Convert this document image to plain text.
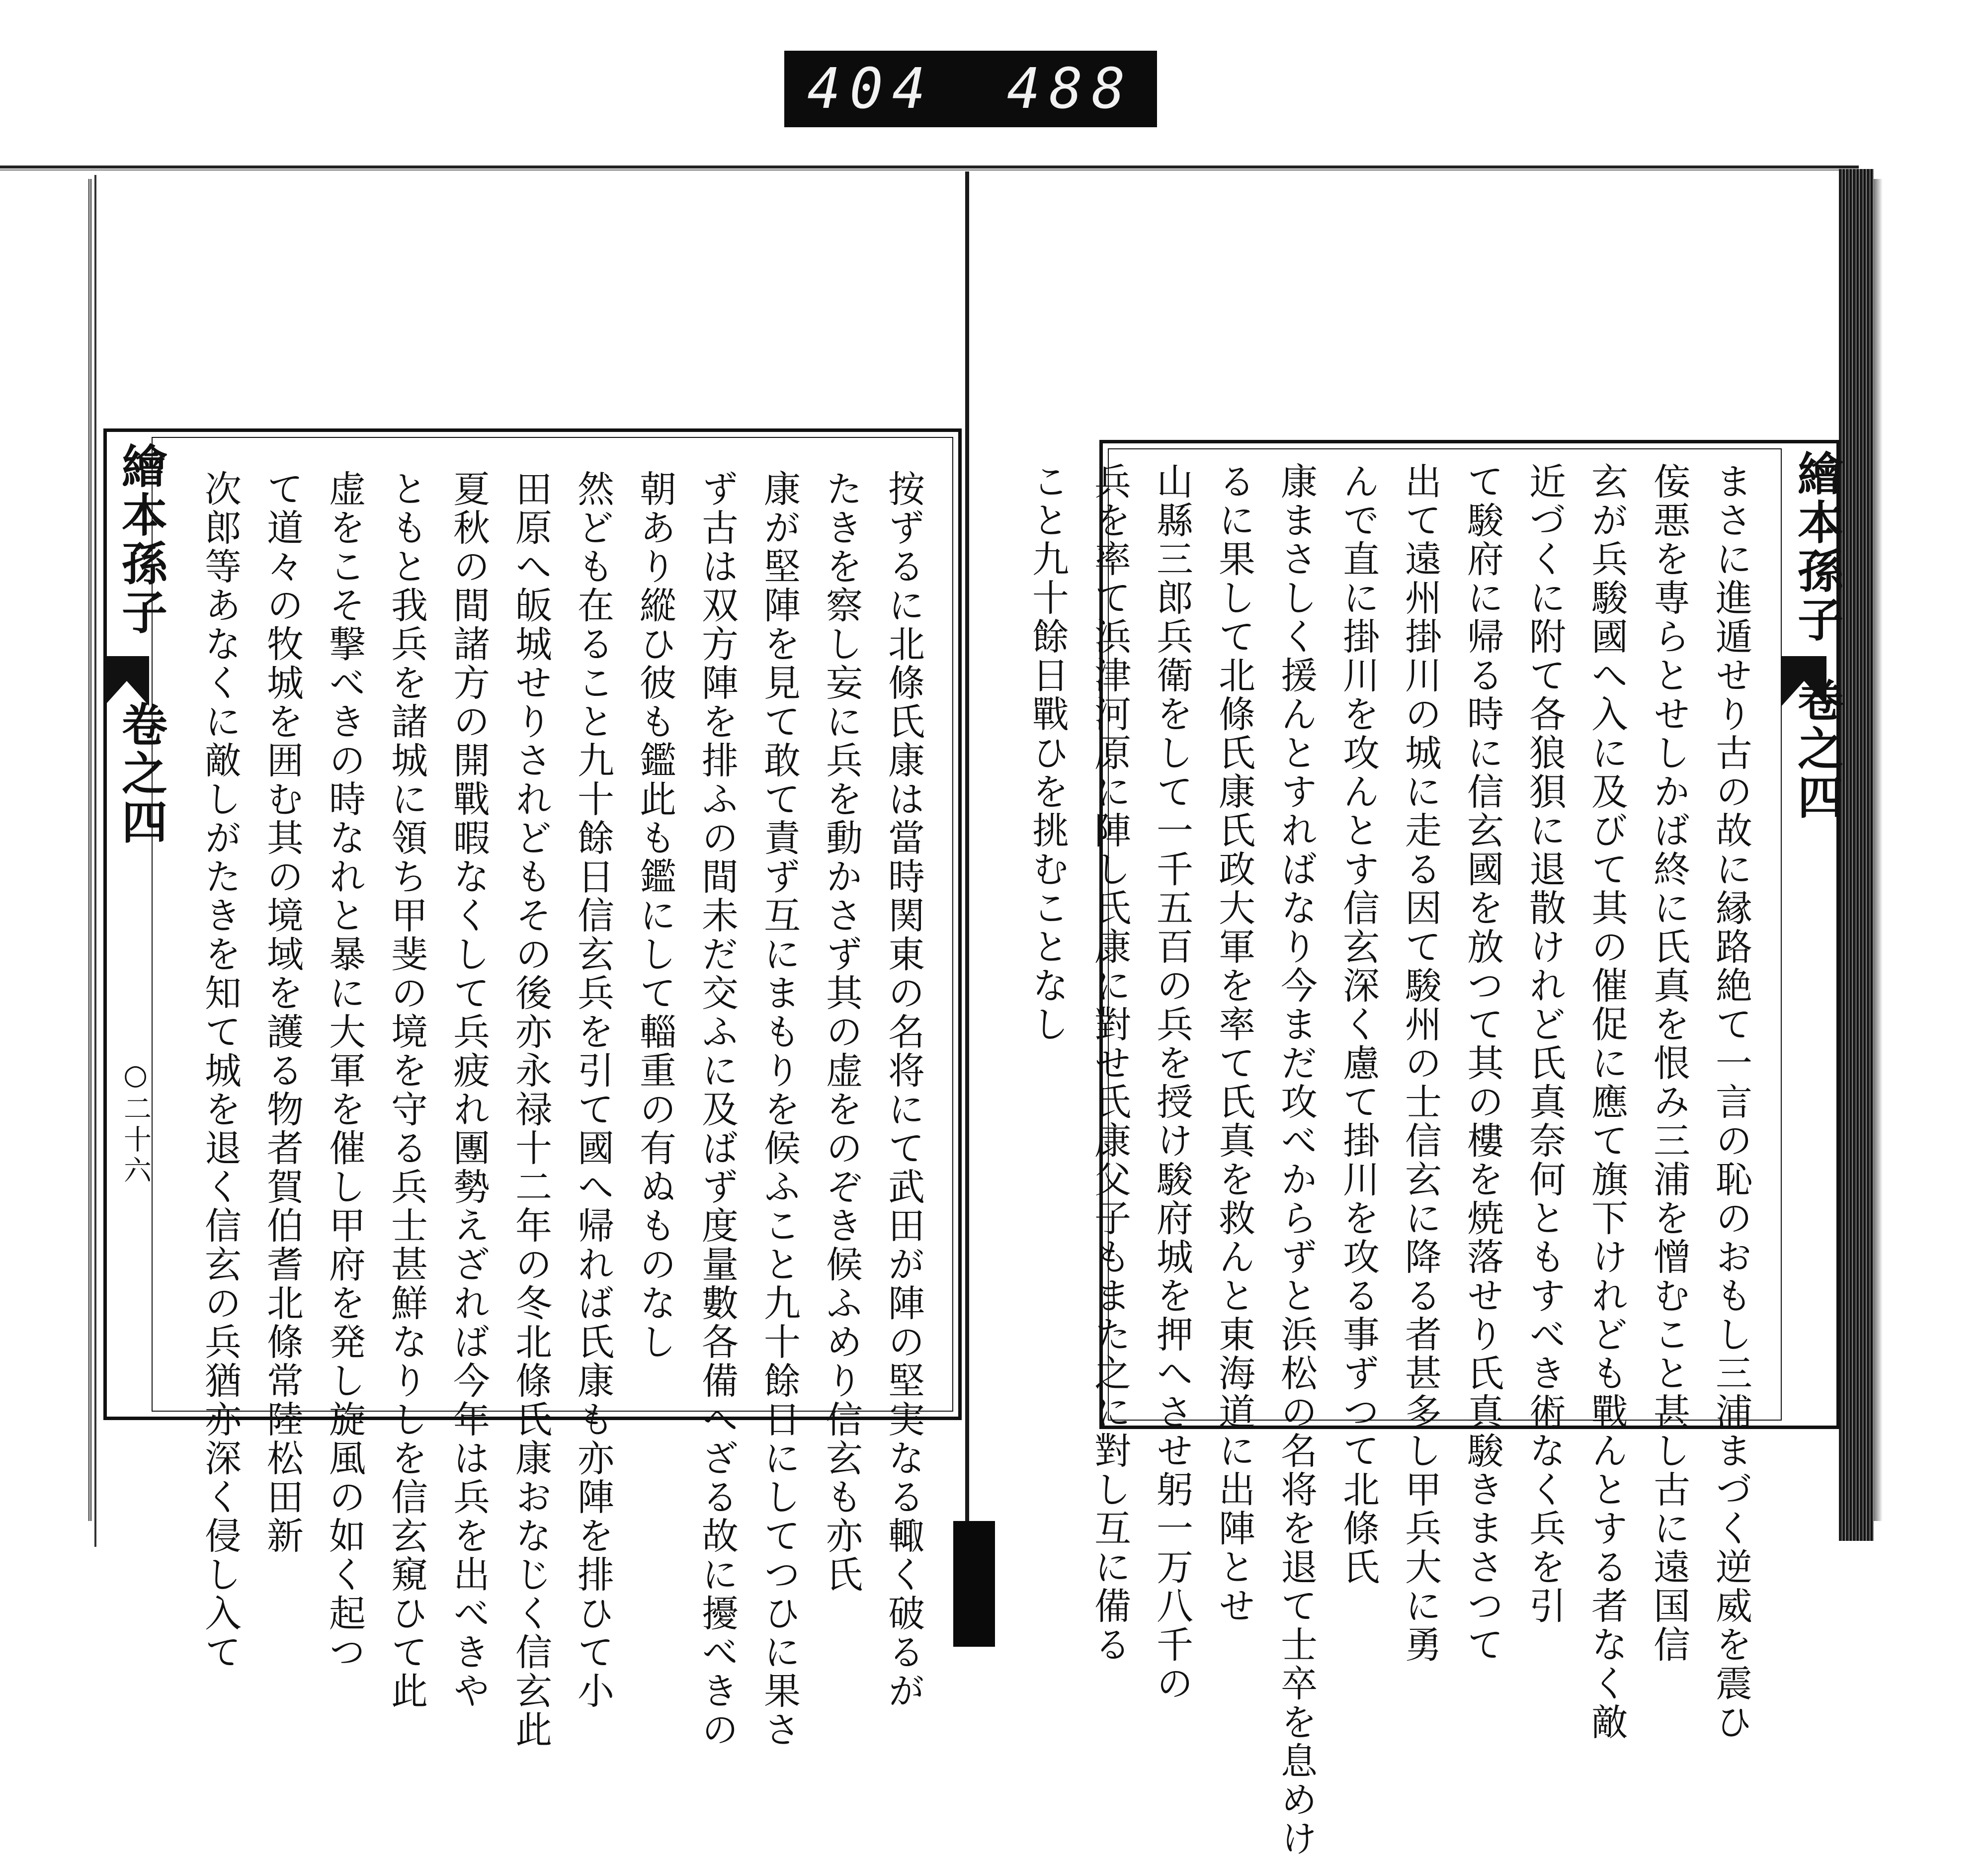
404 488
繪本孫子
卷之四
○二十六	按ずるに北條氏康は當時関東の名将にて武田が陣の堅実なる輙く破るが
たきを察し妄に兵を動かさず其の虚をのぞき候ふめり信玄も亦氏
康が堅陣を見て敢て責ず互にまもりを候ふこと九十餘日にしてつひに果さ
ず古は双方陣を排ふの間未だ交ふに及ばず度量數各備へざる故に擾べきの
朝あり縱ひ彼も鑑此も鑑にして輜重の有ぬものなし
然ども在ること九十餘日信玄兵を引て國へ帰れば氏康も亦陣を排ひて小
田原へ皈城せりされどもその後亦永禄十二年の冬北條氏康おなじく信玄此
夏秋の間諸方の開戰暇なくして兵疲れ團勢えざれば今年は兵を出べきや
ともと我兵を諸城に領ち甲斐の境を守る兵士甚鮮なりしを信玄窺ひて此
虚をこそ撃べきの時なれと暴に大軍を催し甲府を発し旋風の如く起つ
て道々の牧城を囲む其の境域を護る物者賀伯耆北條常陸松田新
次郎等あなくに敵しがたきを知て城を退く信玄の兵猶亦深く侵し入て	繪本孫子
卷之四
まさに進遁せり古の故に縁路絶て一言の恥のおもし三浦まづく逆威を震ひ
侫悪を専らとせしかば終に氏真を恨み三浦を憎むこと甚し古に遠国信
玄が兵駿國へ入に及びて其の催促に應て旗下けれども戰んとする者なく敵
近づくに附て各狼狽に退散けれど氏真奈何ともすべき術なく兵を引
て駿府に帰る時に信玄國を放つて其の樓を焼落せり氏真駿きまさつて
出て遠州掛川の城に走る因て駿州の士信玄に降る者甚多し甲兵大に勇
んで直に掛川を攻んとす信玄深く慮て掛川を攻る事ずつて北條氏
康まさしく援んとすればなり今まだ攻べからずと浜松の名将を退て士卒を息めけ
るに果して北條氏康氏政大軍を率て氏真を救んと東海道に出陣とせ
山縣三郎兵衛をして一千五百の兵を授け駿府城を押へさせ躬一万八千の
兵を率て浜津河原に陣し氏康に對せ氏康父子もまた之に對し互に備る
こと九十餘日戰ひを挑むことなし
